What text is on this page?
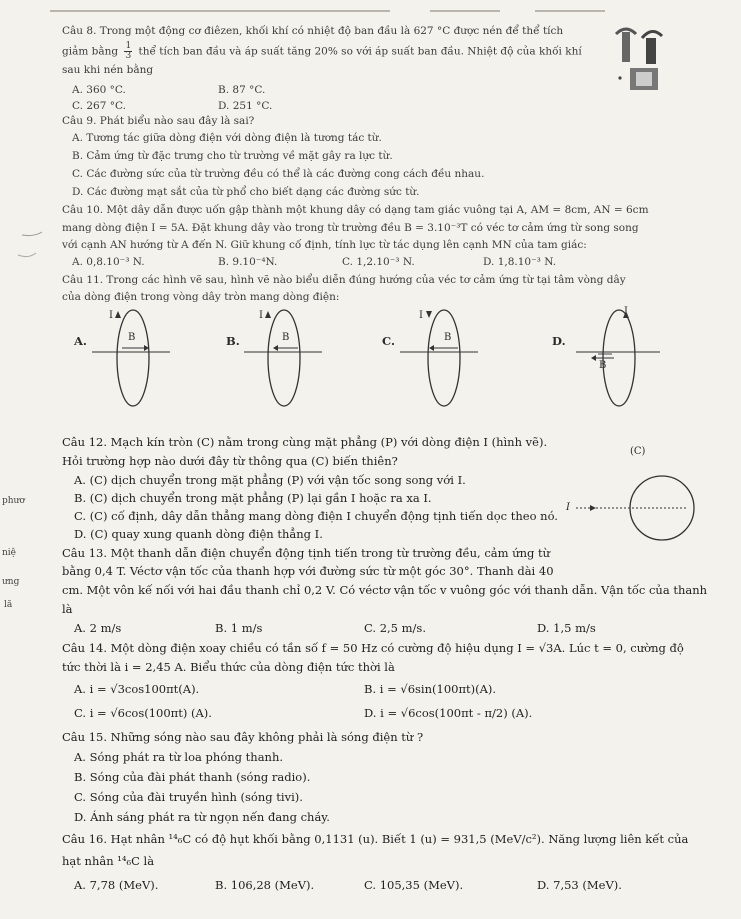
Câu 8. Trong một động cơ điêzen, khối khí có nhiệt độ ban đầu là 627 °C được nén để thể tích
giảm bằng $\frac{1}{3}$ thể tích ban đầu và áp suất tăng 20% so với áp suất ban đầu. Nhiệt độ của khối khí
sau khi nén bằng
A. 360 °C.	B. 87 °C.
C. 267 °C.	D. 251 °C.
Câu 9. Phát biểu nào sau đây là sai?
A. Tương tác giữa dòng điện với dòng điện là tương tác từ.
B. Cảm ứng từ đặc trưng cho từ trường về mặt gây ra lực từ.
C. Các đường sức của từ trường đều có thể là các đường cong cách đều nhau.
D. Các đường mạt sắt của từ phổ cho biết dạng các đường sức từ.
Câu 10. Một dây dẫn được uốn gập thành một khung dây có dạng tam giác vuông tại A, AM = 8cm, AN = 6cm
mang dòng điện I = 5A. Đặt khung dây vào trong từ trường đều B = 3.10⁻³T có véc tơ cảm ứng từ song song
với cạnh AN hướng từ A đến N. Giữ khung cố định, tính lực từ tác dụng lên cạnh MN của tam giác:
A. 0,8.10⁻³ N.	B. 9.10⁻⁴N.	C. 1,2.10⁻³ N.	D. 1,8.10⁻³ N.
Câu 11. Trong các hình vẽ sau, hình vẽ nào biểu diễn đúng hướng của véc tơ cảm ứng từ tại tâm vòng dây
của dòng điện trong vòng dây tròn mang dòng điện:
A.
I
B	B.
I
B	C.
I
B	D.
I
B
Câu 12. Mạch kín tròn (C) nằm trong cùng mặt phẳng (P) với dòng điện I (hình vẽ).
Hỏi trường hợp nào dưới đây từ thông qua (C) biến thiên?
A. (C) dịch chuyển trong mặt phẳng (P) với vận tốc song song với I.
B. (C) dịch chuyển trong mặt phẳng (P) lại gần I hoặc ra xa I.
C. (C) cố định, dây dẫn thẳng mang dòng điện I chuyển động tịnh tiến dọc theo nó.
D. (C) quay xung quanh dòng điện thẳng I.
(C)
I
Câu 13. Một thanh dẫn điện chuyển động tịnh tiến trong từ trường đều, cảm ứng từ
bằng 0,4 T. Véctơ vận tốc của thanh hợp với đường sức từ một góc 30°. Thanh dài 40
cm. Một vôn kế nối với hai đầu thanh chỉ 0,2 V. Có véctơ vận tốc v vuông góc với thanh dẫn. Vận tốc của thanh
là
A. 2 m/s	B. 1 m/s	C. 2,5 m/s.	D. 1,5 m/s
Câu 14. Một dòng điện xoay chiều có tần số f = 50 Hz có cường độ hiệu dụng I = √3A. Lúc t = 0, cường độ
tức thời là i = 2,45 A. Biểu thức của dòng điện tức thời là
A. i = √3cos100πt(A).	B. i = √6sin(100πt)(A).
C. i = √6cos(100πt) (A).	D. i = √6cos(100πt - π/2) (A).
Câu 15. Những sóng nào sau đây không phải là sóng điện từ ?
A. Sóng phát ra từ loa phóng thanh.
B. Sóng của đài phát thanh (sóng radio).
C. Sóng của đài truyền hình (sóng tivi).
D. Ánh sáng phát ra từ ngọn nến đang cháy.
Câu 16. Hạt nhân ¹⁴₆C có độ hụt khối bằng 0,1131 (u). Biết 1 (u) = 931,5 (MeV/c²). Năng lượng liên kết của
hạt nhân ¹⁴₆C là
A. 7,78 (MeV).	B. 106,28 (MeV).	C. 105,35 (MeV).	D. 7,53 (MeV).
phươ
niệ
ưng
lă
